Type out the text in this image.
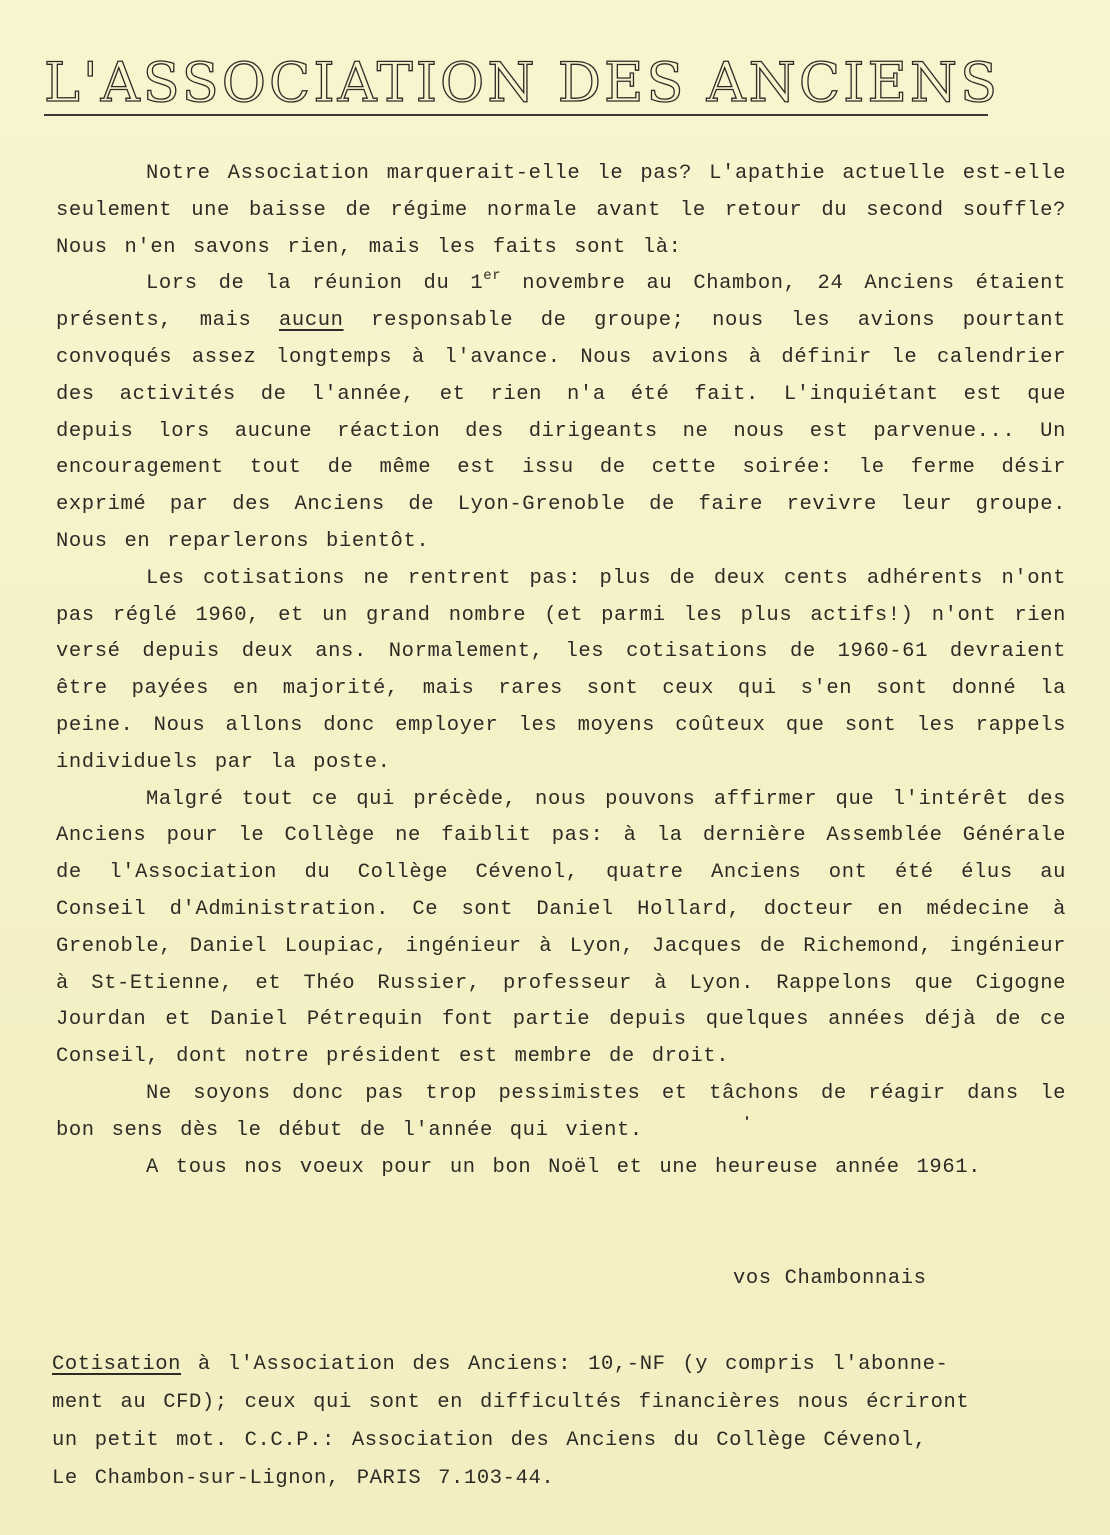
L'ASSOCIATION DES ANCIENS

Notre Association marquerait-elle le pas? L'apathie actuelle est-elle seulement une baisse de régime normale avant le retour du second souffle? Nous n'en savons rien, mais les faits sont là:

Lors de la réunion du 1er novembre au Chambon, 24 Anciens étaient présents, mais aucun responsable de groupe; nous les avions pourtant convoqués assez longtemps à l'avance. Nous avions à définir le calendrier des activités de l'année, et rien n'a été fait. L'inquiétant est que depuis lors aucune réaction des dirigeants ne nous est parvenue... Un encouragement tout de même est issu de cette soirée: le ferme désir exprimé par des Anciens de Lyon-Grenoble de faire revivre leur groupe. Nous en reparlerons bientôt.

Les cotisations ne rentrent pas: plus de deux cents adhérents n'ont pas réglé 1960, et un grand nombre (et parmi les plus actifs!) n'ont rien versé depuis deux ans. Normalement, les cotisations de 1960-61 devraient être payées en majorité, mais rares sont ceux qui s'en sont donné la peine. Nous allons donc employer les moyens coûteux que sont les rappels individuels par la poste.

Malgré tout ce qui précède, nous pouvons affirmer que l'intérêt des Anciens pour le Collège ne faiblit pas: à la dernière Assemblée Générale de l'Association du Collège Cévenol, quatre Anciens ont été élus au Conseil d'Administration. Ce sont Daniel Hollard, docteur en médecine à Grenoble, Daniel Loupiac, ingénieur à Lyon, Jacques de Richemond, ingénieur à St-Etienne, et Théo Russier, professeur à Lyon. Rappelons que Cigogne Jourdan et Daniel Pétrequin font partie depuis quelques années déjà de ce Conseil, dont notre président est membre de droit.

Ne soyons donc pas trop pessimistes et tâchons de réagir dans le bon sens dès le début de l'année qui vient.

A tous nos voeux pour un bon Noël et une heureuse année 1961.

vos Chambonnais
Cotisation à l'Association des Anciens: 10,-NF (y compris l'abonne-
ment au CFD); ceux qui sont en difficultés financières nous écriront
un petit mot. C.C.P.: Association des Anciens du Collège Cévenol,
Le Chambon-sur-Lignon, PARIS 7.103-44.
